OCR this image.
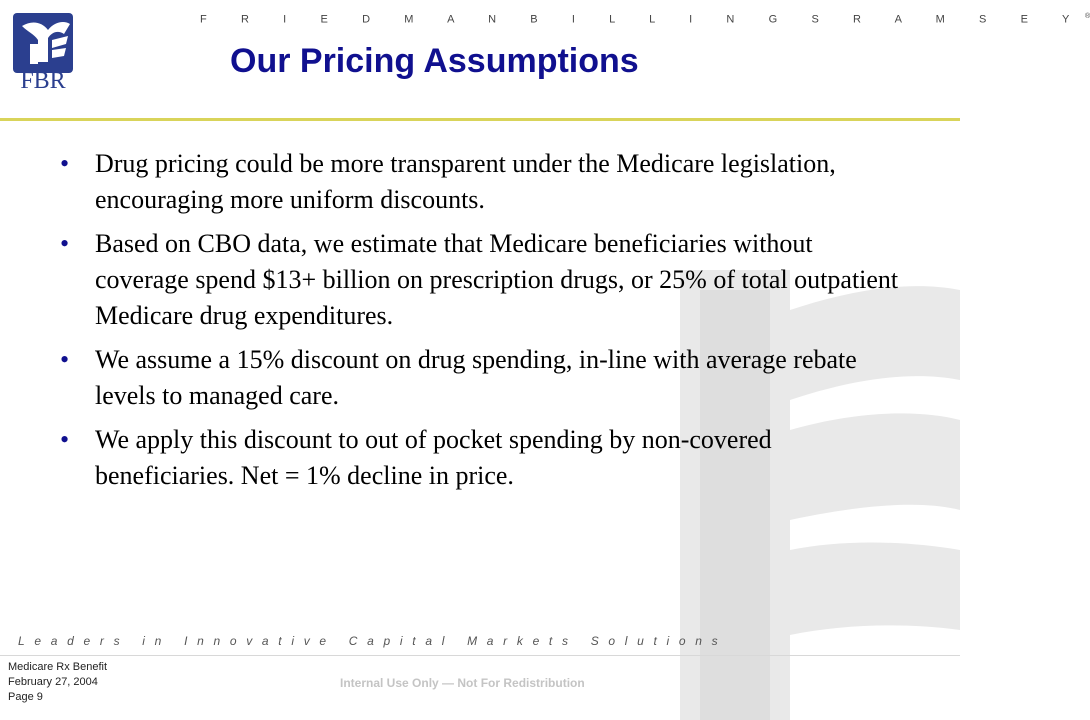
FBR
F R I E D M A N B I L L I N G S R A M S E Y®
Our Pricing Assumptions
• Drug pricing could be more transparent under the Medicare legislation, encouraging more uniform discounts.
• Based on CBO data, we estimate that Medicare beneficiaries without coverage spend $13+ billion on prescription drugs, or 25% of total outpatient Medicare drug expenditures.
• We assume a 15% discount on drug spending, in-line with average rebate levels to managed care.
• We apply this discount to out of pocket spending by non-covered beneficiaries. Net = 1% decline in price.
Leaders in Innovative Capital Markets Solutions
Medicare Rx Benefit
February 27, 2004
Page 9
Internal Use Only — Not For Redistribution
